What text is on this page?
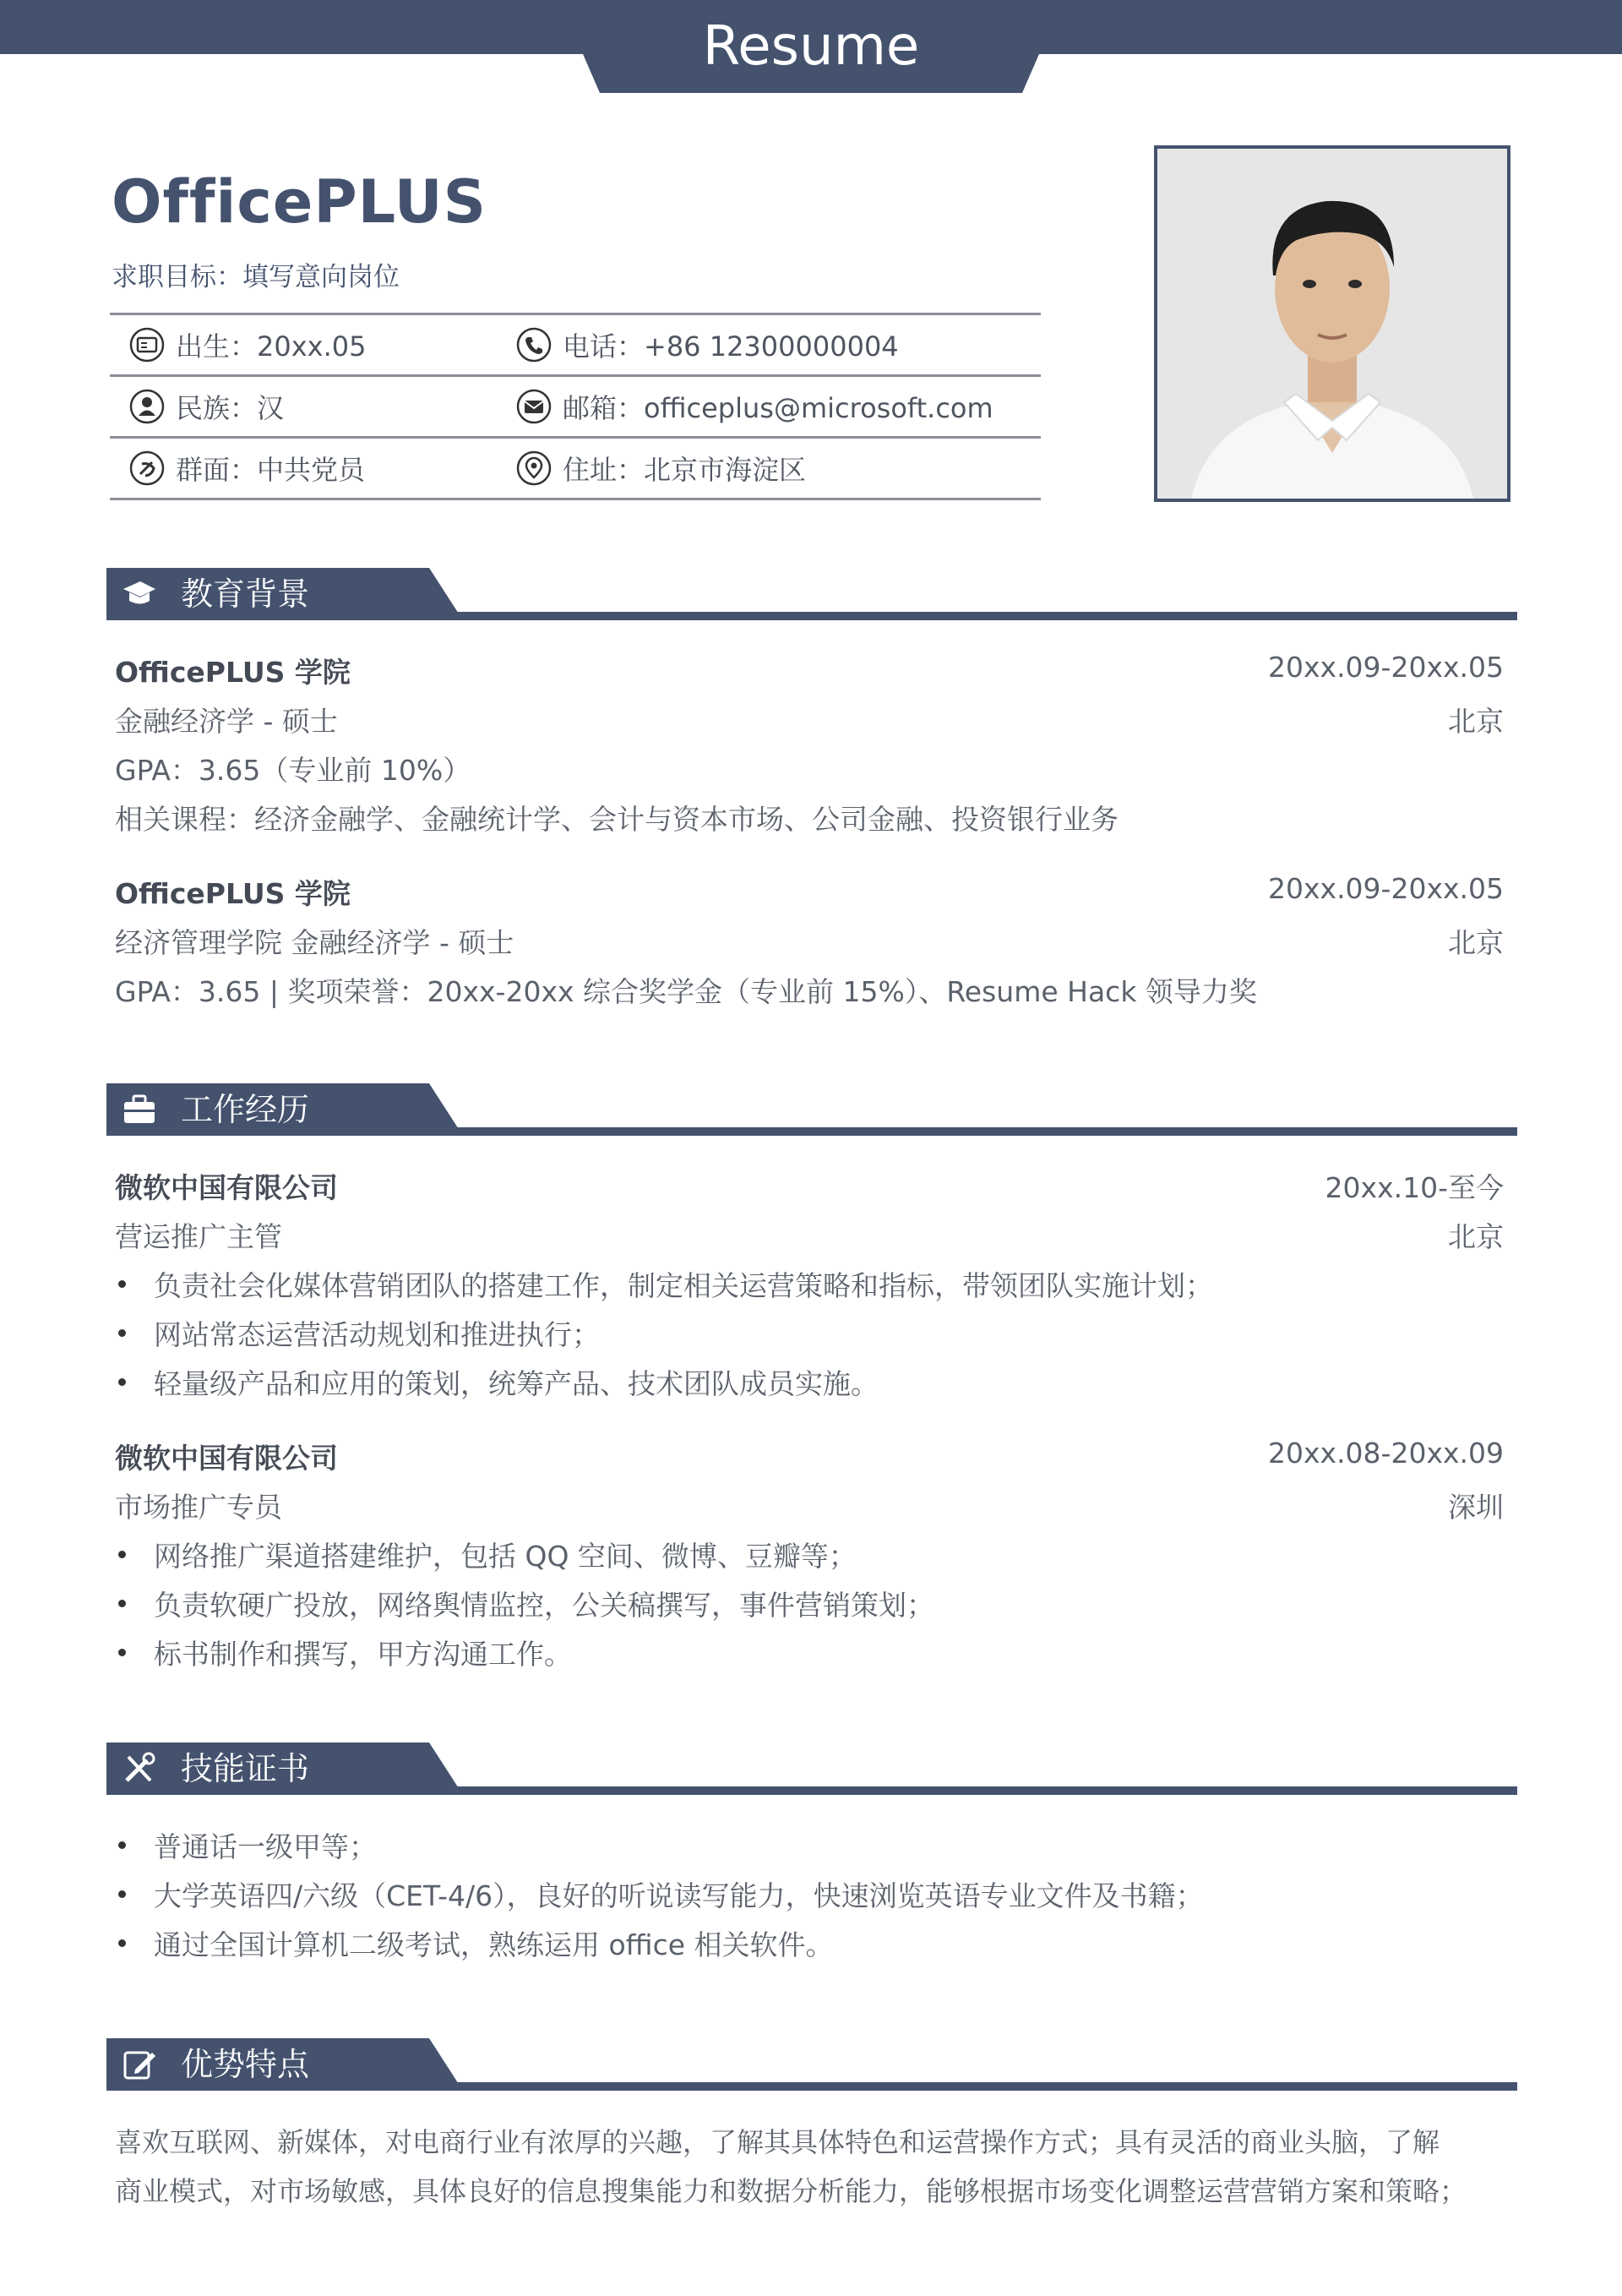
Resume
OfficePLUS
求职目标：填写意向岗位
出生：20xx.05	电话：+86 12300000004
民族：汉	邮箱：officeplus@microsoft.com
群面：中共党员	住址：北京市海淀区
教育背景
OfficePLUS 学院	20xx.09-20xx.05
金融经济学 - 硕士	北京
GPA：3.65（专业前 10%）
相关课程：经济金融学、金融统计学、会计与资本市场、公司金融、投资银行业务
OfficePLUS 学院	20xx.09-20xx.05
经济管理学院 金融经济学 - 硕士	北京
GPA：3.65 | 奖项荣誉：20xx-20xx 综合奖学金（专业前 15%）、Resume Hack 领导力奖
工作经历
微软中国有限公司	20xx.10-至今
营运推广主管	北京
负责社会化媒体营销团队的搭建工作，制定相关运营策略和指标，带领团队实施计划；
网站常态运营活动规划和推进执行；
轻量级产品和应用的策划，统筹产品、技术团队成员实施。
微软中国有限公司	20xx.08-20xx.09
市场推广专员	深圳
网络推广渠道搭建维护，包括 QQ 空间、微博、豆瓣等；
负责软硬广投放，网络舆情监控，公关稿撰写，事件营销策划；
标书制作和撰写，甲方沟通工作。
技能证书
普通话一级甲等；
大学英语四/六级（CET-4/6），良好的听说读写能力，快速浏览英语专业文件及书籍；
通过全国计算机二级考试，熟练运用 office 相关软件。
优势特点
喜欢互联网、新媒体，对电商行业有浓厚的兴趣，了解其具体特色和运营操作方式；具有灵活的商业头脑，了解
商业模式，对市场敏感，具体良好的信息搜集能力和数据分析能力，能够根据市场变化调整运营营销方案和策略；
